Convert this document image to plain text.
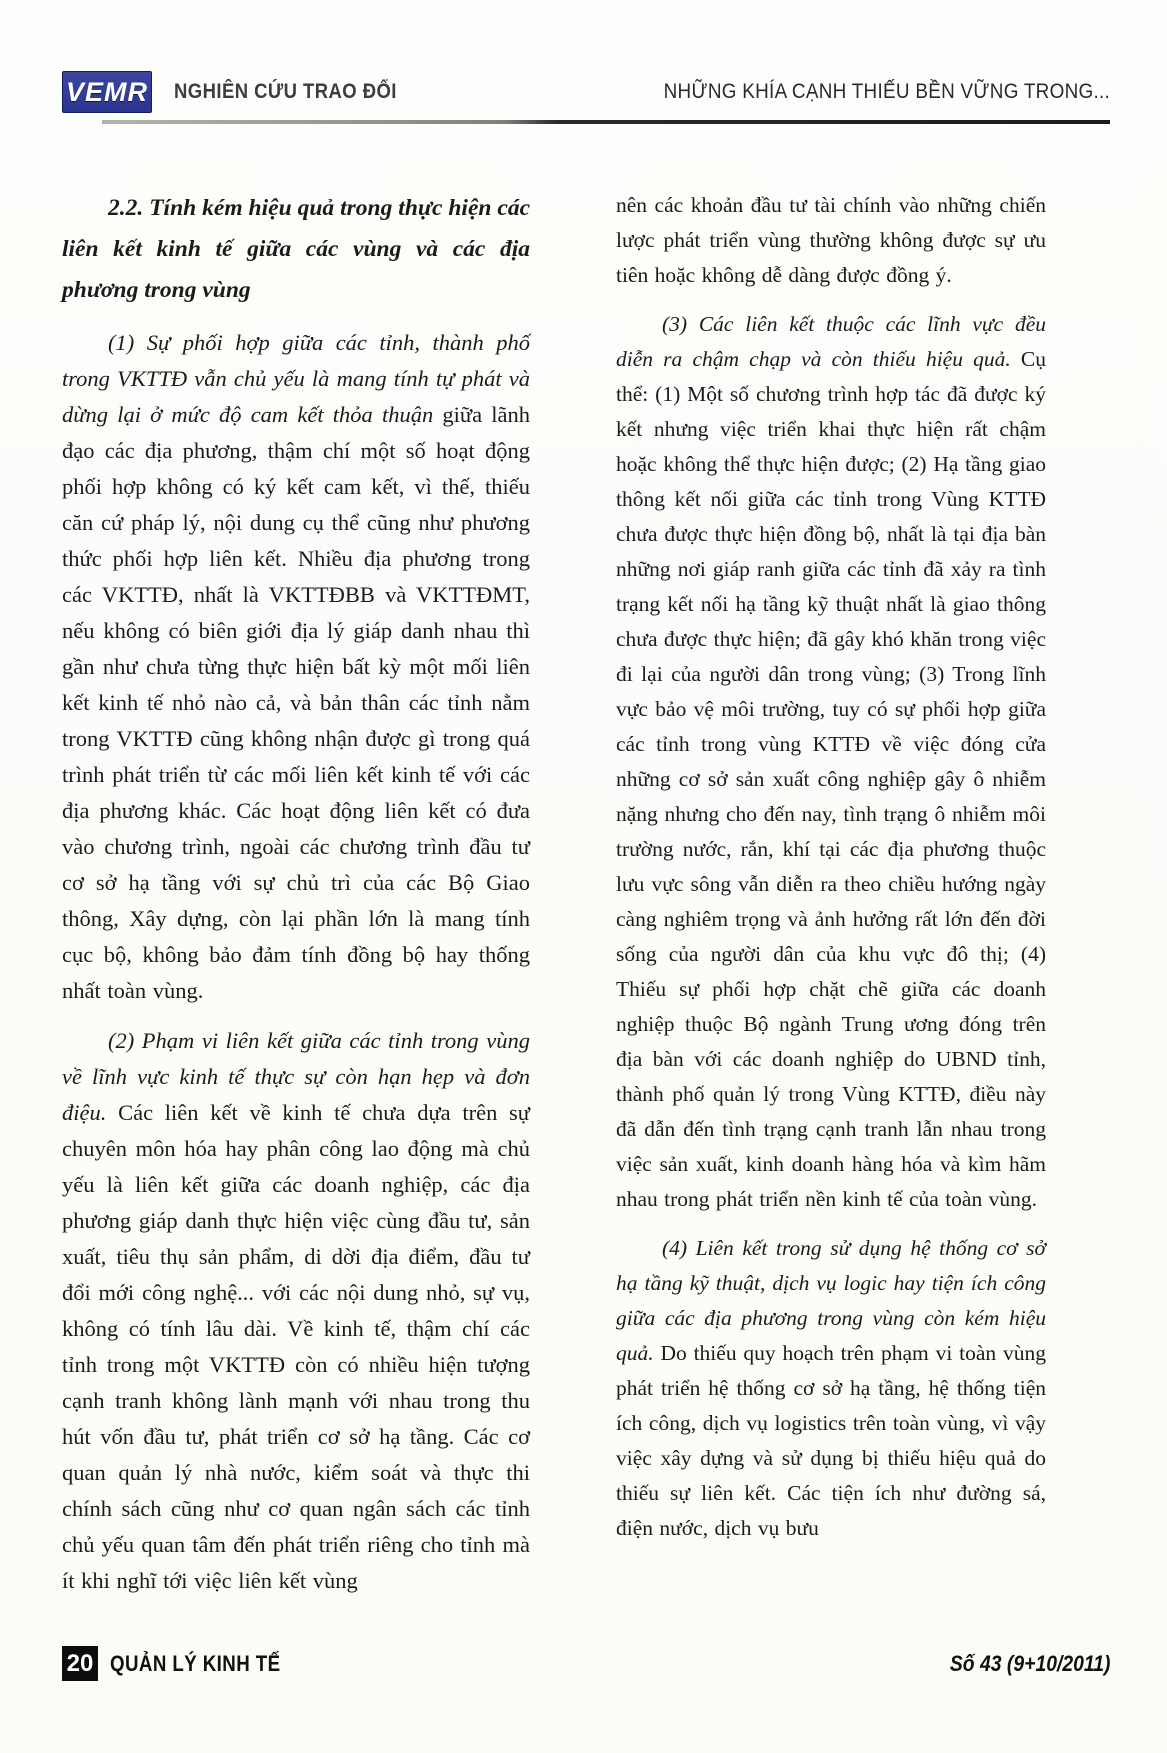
VEMR NGHIÊN CỨU TRAO ĐỔI	NHỮNG KHÍA CẠNH THIẾU BỀN VỮNG TRONG...
2.2. Tính kém hiệu quả trong thực hiện các liên kết kinh tế giữa các vùng và các địa phương trong vùng

(1) Sự phối hợp giữa các tỉnh, thành phố trong VKTTĐ vẫn chủ yếu là mang tính tự phát và dừng lại ở mức độ cam kết thỏa thuận giữa lãnh đạo các địa phương, thậm chí một số hoạt động phối hợp không có ký kết cam kết, vì thế, thiếu căn cứ pháp lý, nội dung cụ thể cũng như phương thức phối hợp liên kết. Nhiều địa phương trong các VKTTĐ, nhất là VKTTĐBB và VKTTĐMT, nếu không có biên giới địa lý giáp danh nhau thì gần như chưa từng thực hiện bất kỳ một mối liên kết kinh tế nhỏ nào cả, và bản thân các tỉnh nằm trong VKTTĐ cũng không nhận được gì trong quá trình phát triển từ các mối liên kết kinh tế với các địa phương khác. Các hoạt động liên kết có đưa vào chương trình, ngoài các chương trình đầu tư cơ sở hạ tầng với sự chủ trì của các Bộ Giao thông, Xây dựng, còn lại phần lớn là mang tính cục bộ, không bảo đảm tính đồng bộ hay thống nhất toàn vùng.

(2) Phạm vi liên kết giữa các tỉnh trong vùng về lĩnh vực kinh tế thực sự còn hạn hẹp và đơn điệu. Các liên kết về kinh tế chưa dựa trên sự chuyên môn hóa hay phân công lao động mà chủ yếu là liên kết giữa các doanh nghiệp, các địa phương giáp danh thực hiện việc cùng đầu tư, sản xuất, tiêu thụ sản phẩm, di dời địa điểm, đầu tư đổi mới công nghệ... với các nội dung nhỏ, sự vụ, không có tính lâu dài. Về kinh tế, thậm chí các tỉnh trong một VKTTĐ còn có nhiều hiện tượng cạnh tranh không lành mạnh với nhau trong thu hút vốn đầu tư, phát triển cơ sở hạ tầng. Các cơ quan quản lý nhà nước, kiểm soát và thực thi chính sách cũng như cơ quan ngân sách các tỉnh chủ yếu quan tâm đến phát triển riêng cho tỉnh mà ít khi nghĩ tới việc liên kết vùng

nên các khoản đầu tư tài chính vào những chiến lược phát triển vùng thường không được sự ưu tiên hoặc không dễ dàng được đồng ý.

(3) Các liên kết thuộc các lĩnh vực đều diễn ra chậm chạp và còn thiếu hiệu quả. Cụ thể: (1) Một số chương trình hợp tác đã được ký kết nhưng việc triển khai thực hiện rất chậm hoặc không thể thực hiện được; (2) Hạ tầng giao thông kết nối giữa các tỉnh trong Vùng KTTĐ chưa được thực hiện đồng bộ, nhất là tại địa bàn những nơi giáp ranh giữa các tỉnh đã xảy ra tình trạng kết nối hạ tầng kỹ thuật nhất là giao thông chưa được thực hiện; đã gây khó khăn trong việc đi lại của người dân trong vùng; (3) Trong lĩnh vực bảo vệ môi trường, tuy có sự phối hợp giữa các tỉnh trong vùng KTTĐ về việc đóng cửa những cơ sở sản xuất công nghiệp gây ô nhiễm nặng nhưng cho đến nay, tình trạng ô nhiễm môi trường nước, rắn, khí tại các địa phương thuộc lưu vực sông vẫn diễn ra theo chiều hướng ngày càng nghiêm trọng và ảnh hưởng rất lớn đến đời sống của người dân của khu vực đô thị; (4) Thiếu sự phối hợp chặt chẽ giữa các doanh nghiệp thuộc Bộ ngành Trung ương đóng trên địa bàn với các doanh nghiệp do UBND tỉnh, thành phố quản lý trong Vùng KTTĐ, điều này đã dẫn đến tình trạng cạnh tranh lẫn nhau trong việc sản xuất, kinh doanh hàng hóa và kìm hãm nhau trong phát triển nền kinh tế của toàn vùng.

(4) Liên kết trong sử dụng hệ thống cơ sở hạ tầng kỹ thuật, dịch vụ logic hay tiện ích công giữa các địa phương trong vùng còn kém hiệu quả. Do thiếu quy hoạch trên phạm vi toàn vùng phát triển hệ thống cơ sở hạ tầng, hệ thống tiện ích công, dịch vụ logistics trên toàn vùng, vì vậy việc xây dựng và sử dụng bị thiếu hiệu quả do thiếu sự liên kết. Các tiện ích như đường sá, điện nước, dịch vụ bưu

20 QUẢN LÝ KINH TẾ	Số 43 (9+10/2011)
